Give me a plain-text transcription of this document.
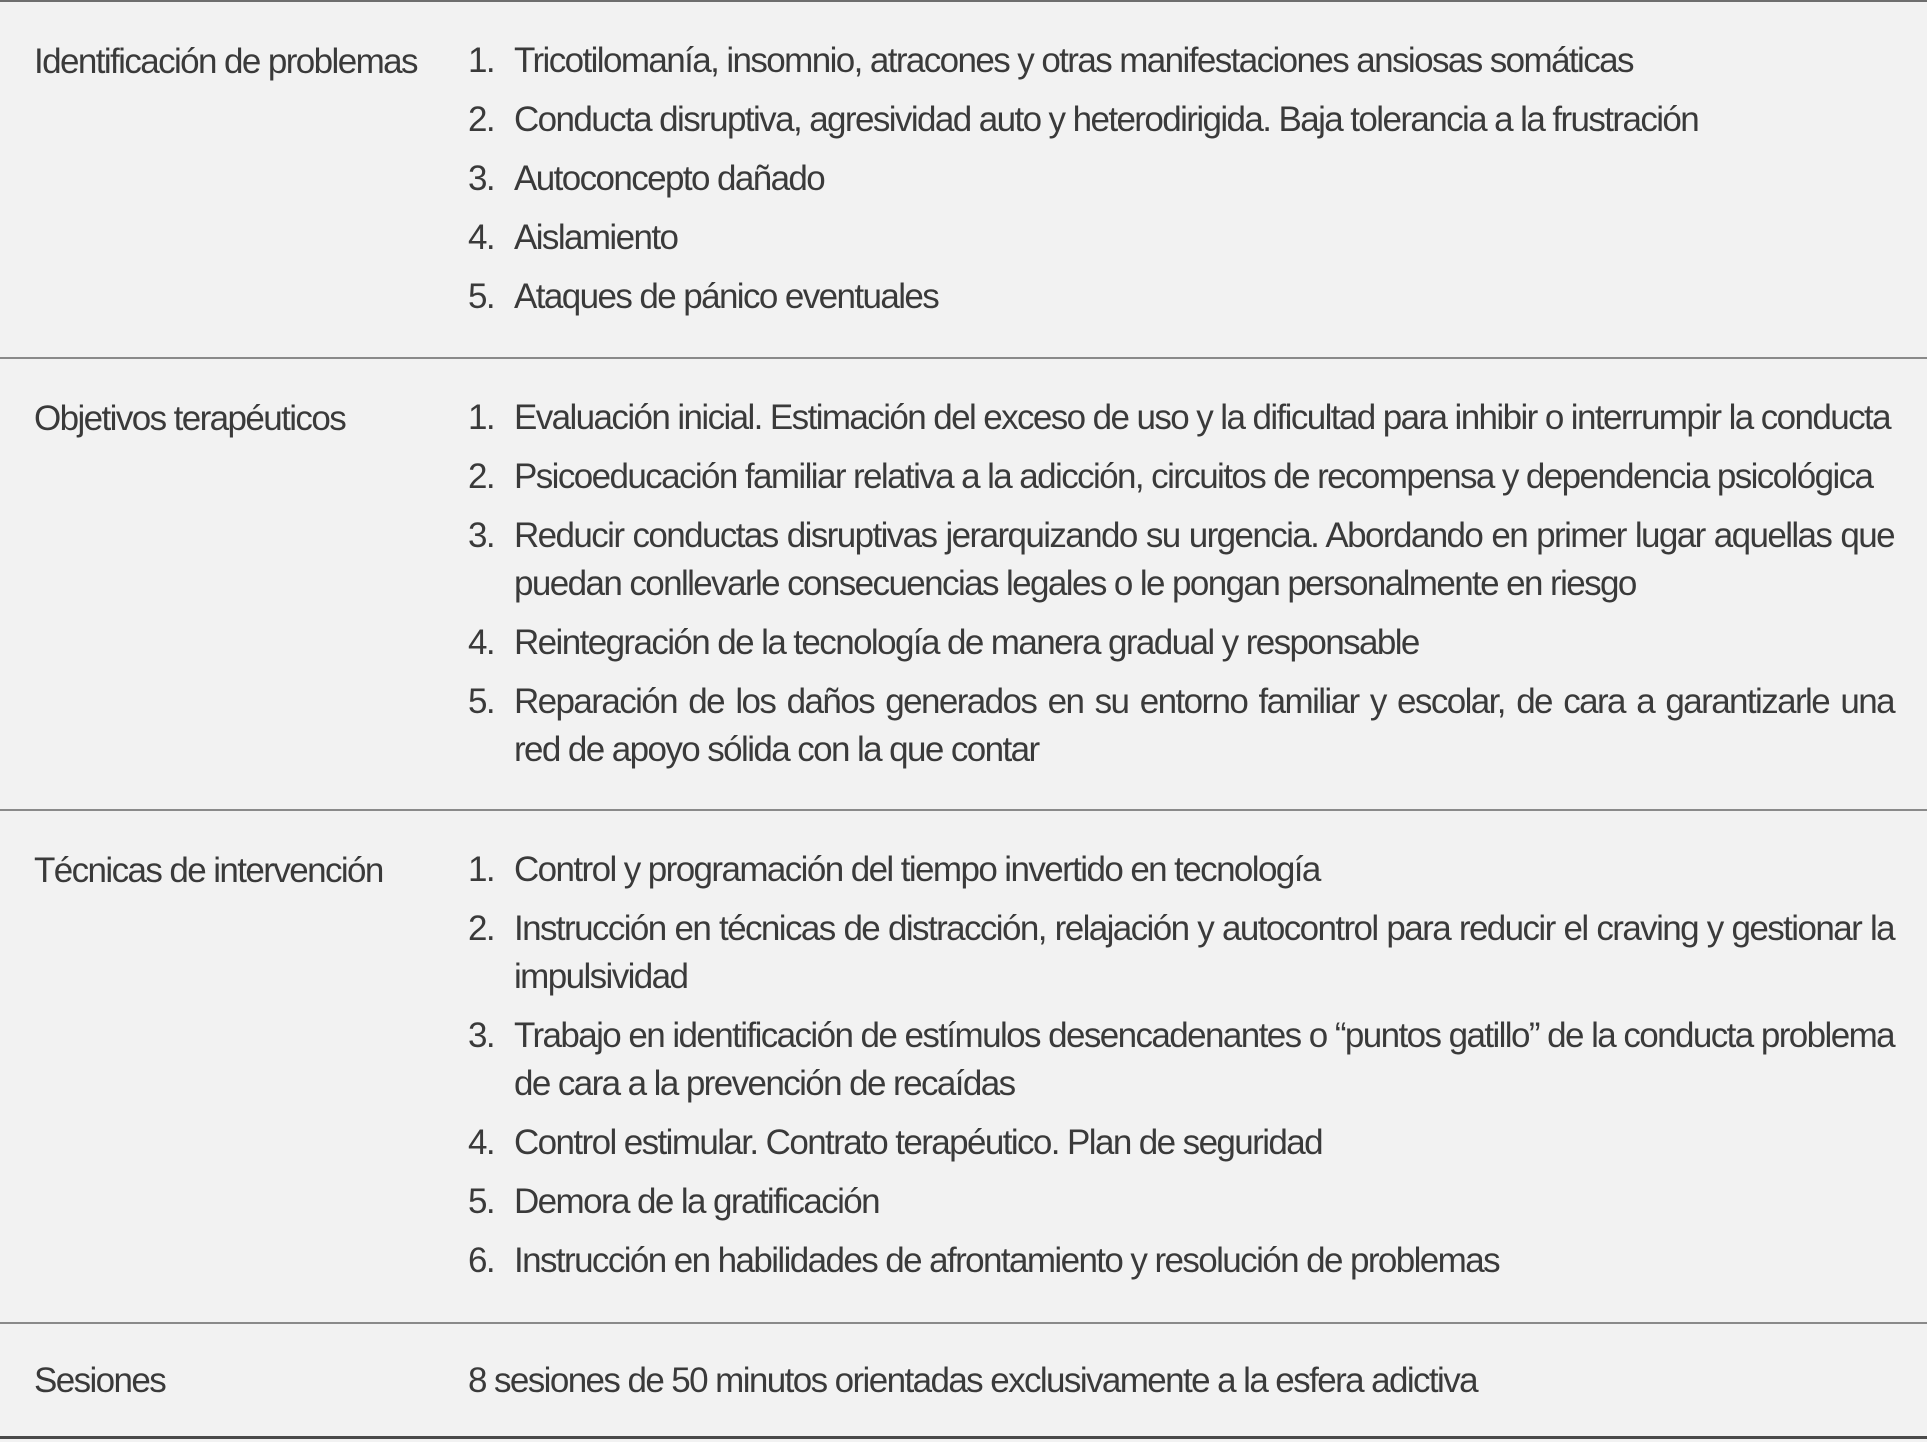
Identificación de problemas 1. Tricotilomanía, insomnio, atracones y otras manifestaciones ansiosas somáticas
2. Conducta disruptiva, agresividad auto y heterodirigida. Baja tolerancia a la frustración
3. Autoconcepto dañado
4. Aislamiento
5. Ataques de pánico eventuales
Objetivos terapéuticos	1. Evaluación inicial. Estimación del exceso de uso y la dificultad para inhibir o interrumpir la conducta
2. Psicoeducación familiar relativa a la adicción, circuitos de recompensa y dependencia psicológica
3. Reducir conductas disruptivas jerarquizando su urgencia. Abordando en primer lugar aquellas que puedan conllevarle consecuencias legales o le pongan personalmente en riesgo
4. Reintegración de la tecnología de manera gradual y responsable
5. Reparación de los daños generados en su entorno familiar y escolar, de cara a garantizarle una red de apoyo sólida con la que contar
Técnicas de intervención 1. Control y programación del tiempo invertido en tecnología
2. Instrucción en técnicas de distracción, relajación y autocontrol para reducir el craving y gestionar la impulsividad
3. Trabajo en identificación de estímulos desencadenantes o “puntos gatillo” de la conducta problema de cara a la prevención de recaídas
4. Control estimular. Contrato terapéutico. Plan de seguridad
5. Demora de la gratificación
6. Instrucción en habilidades de afrontamiento y resolución de problemas
Sesiones	8 sesiones de 50 minutos orientadas exclusivamente a la esfera adictiva
